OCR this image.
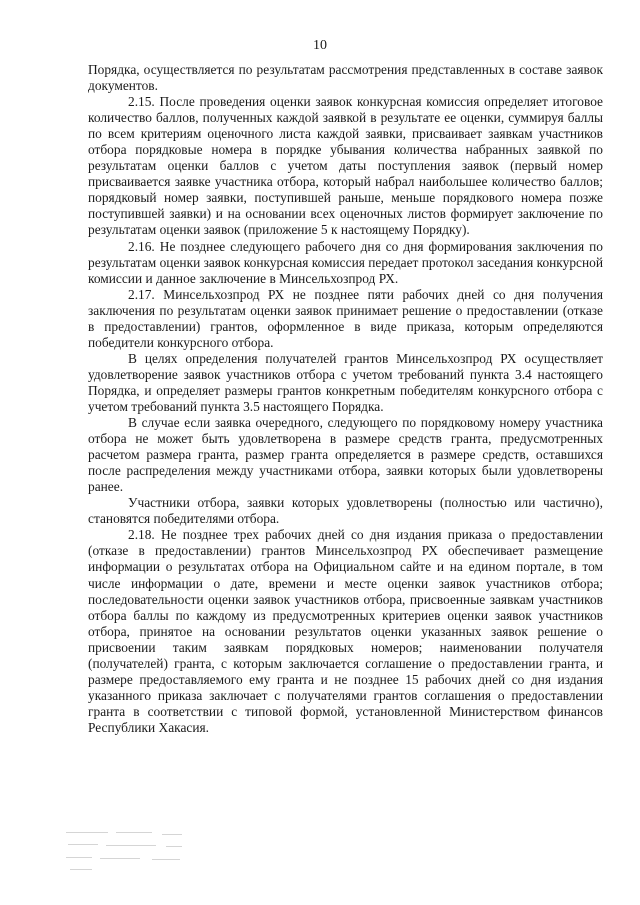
10

Порядка, осуществляется по результатам рассмотрения представленных в составе заявок документов.

2.15. После проведения оценки заявок конкурсная комиссия определяет итоговое количество баллов, полученных каждой заявкой в результате ее оценки, суммируя баллы по всем критериям оценочного листа каждой заявки, присваивает заявкам участников отбора порядковые номера в порядке убывания количества набранных заявкой по результатам оценки баллов с учетом даты поступления заявок (первый номер присваивается заявке участника отбора, который набрал наибольшее количество баллов; порядковый номер заявки, поступившей раньше, меньше порядкового номера позже поступившей заявки) и на основании всех оценочных листов формирует заключение по результатам оценки заявок (приложение 5 к настоящему Порядку).

2.16. Не позднее следующего рабочего дня со дня формирования заключения по результатам оценки заявок конкурсная комиссия передает протокол заседания конкурсной комиссии и данное заключение в Минсельхозпрод РХ.

2.17. Минсельхозпрод РХ не позднее пяти рабочих дней со дня получения заключения по результатам оценки заявок принимает решение о предоставлении (отказе в предоставлении) грантов, оформленное в виде приказа, которым определяются победители конкурсного отбора.

В целях определения получателей грантов Минсельхозпрод РХ осуществляет удовлетворение заявок участников отбора с учетом требований пункта 3.4 настоящего Порядка, и определяет размеры грантов конкретным победителям конкурсного отбора с учетом требований пункта 3.5 настоящего Порядка.

В случае если заявка очередного, следующего по порядковому номеру участника отбора не может быть удовлетворена в размере средств гранта, предусмотренных расчетом размера гранта, размер гранта определяется в размере средств, оставшихся после распределения между участниками отбора, заявки которых были удовлетворены ранее.

Участники отбора, заявки которых удовлетворены (полностью или частично), становятся победителями отбора.

2.18. Не позднее трех рабочих дней со дня издания приказа о предоставлении (отказе в предоставлении) грантов Минсельхозпрод РХ обеспечивает размещение информации о результатах отбора на Официальном сайте и на едином портале, в том числе информации о дате, времени и месте оценки заявок участников отбора; последовательности оценки заявок участников отбора, присвоенные заявкам участников отбора баллы по каждому из предусмотренных критериев оценки заявок участников отбора, принятое на основании результатов оценки указанных заявок решение о присвоении таким заявкам порядковых номеров; наименовании получателя (получателей) гранта, с которым заключается соглашение о предоставлении гранта, и размере предоставляемого ему гранта и не позднее 15 рабочих дней со дня издания указанного приказа заключает с получателями грантов соглашения о предоставлении гранта в соответствии с типовой формой, установленной Министерством финансов Республики Хакасия.
